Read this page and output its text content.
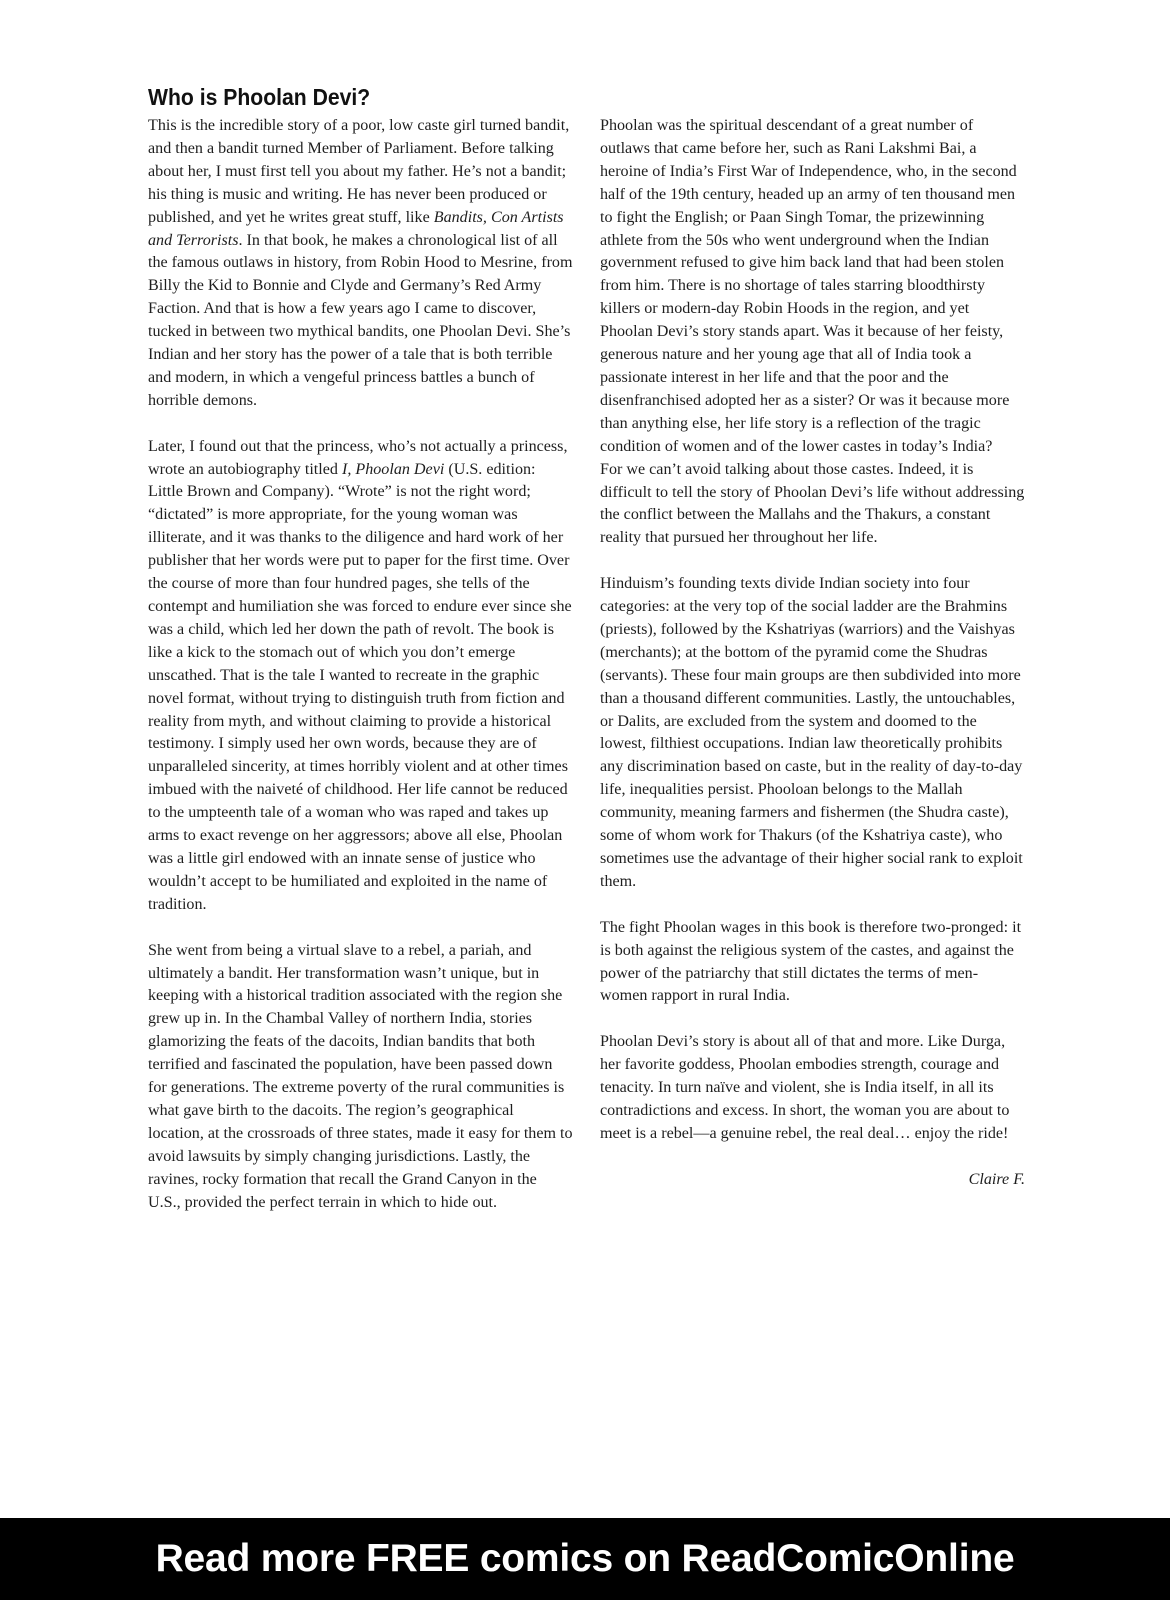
Who is Phoolan Devi?

This is the incredible story of a poor, low caste girl turned bandit, and then a bandit turned Member of Parliament. Before talking about her, I must first tell you about my father. He’s not a bandit; his thing is music and writing. He has never been produced or published, and yet he writes great stuff, like Bandits, Con Artists and Terrorists. In that book, he makes a chronological list of all the famous outlaws in history, from Robin Hood to Mesrine, from Billy the Kid to Bonnie and Clyde and Germany’s Red Army Faction. And that is how a few years ago I came to discover, tucked in between two mythical bandits, one Phoolan Devi. She’s Indian and her story has the power of a tale that is both terrible and modern, in which a vengeful princess battles a bunch of horrible demons.

Later, I found out that the princess, who’s not actually a princess, wrote an autobiography titled I, Phoolan Devi (U.S. edition: Little Brown and Company). “Wrote” is not the right word; “dictated” is more appropriate, for the young woman was illiterate, and it was thanks to the diligence and hard work of her publisher that her words were put to paper for the first time. Over the course of more than four hundred pages, she tells of the contempt and humiliation she was forced to endure ever since she was a child, which led her down the path of revolt. The book is like a kick to the stomach out of which you don’t emerge unscathed. That is the tale I wanted to recreate in the graphic novel format, without trying to distinguish truth from fiction and reality from myth, and without claiming to provide a historical testimony. I simply used her own words, because they are of unparalleled sincerity, at times horribly violent and at other times imbued with the naiveté of childhood. Her life cannot be reduced to the umpteenth tale of a woman who was raped and takes up arms to exact revenge on her aggressors; above all else, Phoolan was a little girl endowed with an innate sense of justice who wouldn’t accept to be humiliated and exploited in the name of tradition.

She went from being a virtual slave to a rebel, a pariah, and ultimately a bandit. Her transformation wasn’t unique, but in keeping with a historical tradition associated with the region she grew up in. In the Chambal Valley of northern India, stories glamorizing the feats of the dacoits, Indian bandits that both terrified and fascinated the population, have been passed down for generations. The extreme poverty of the rural communities is what gave birth to the dacoits. The region’s geographical location, at the crossroads of three states, made it easy for them to avoid lawsuits by simply changing jurisdictions. Lastly, the ravines, rocky formation that recall the Grand Canyon in the U.S., provided the perfect terrain in which to hide out.

Phoolan was the spiritual descendant of a great number of outlaws that came before her, such as Rani Lakshmi Bai, a heroine of India’s First War of Independence, who, in the second half of the 19th century, headed up an army of ten thousand men to fight the English; or Paan Singh Tomar, the prizewinning athlete from the 50s who went underground when the Indian government refused to give him back land that had been stolen from him. There is no shortage of tales starring bloodthirsty killers or modern-day Robin Hoods in the region, and yet Phoolan Devi’s story stands apart. Was it because of her feisty, generous nature and her young age that all of India took a passionate interest in her life and that the poor and the disenfranchised adopted her as a sister? Or was it because more than anything else, her life story is a reflection of the tragic condition of women and of the lower castes in today’s India?

For we can’t avoid talking about those castes. Indeed, it is difficult to tell the story of Phoolan Devi’s life without addressing the conflict between the Mallahs and the Thakurs, a constant reality that pursued her throughout her life.

Hinduism’s founding texts divide Indian society into four categories: at the very top of the social ladder are the Brahmins (priests), followed by the Kshatriyas (warriors) and the Vaishyas (merchants); at the bottom of the pyramid come the Shudras (servants). These four main groups are then subdivided into more than a thousand different communities. Lastly, the untouchables, or Dalits, are excluded from the system and doomed to the lowest, filthiest occupations. Indian law theoretically prohibits any discrimination based on caste, but in the reality of day-to-day life, inequalities persist. Phooloan belongs to the Mallah community, meaning farmers and fishermen (the Shudra caste), some of whom work for Thakurs (of the Kshatriya caste), who sometimes use the advantage of their higher social rank to exploit them.

The fight Phoolan wages in this book is therefore two-pronged: it is both against the religious system of the castes, and against the power of the patriarchy that still dictates the terms of men-women rapport in rural India.

Phoolan Devi’s story is about all of that and more. Like Durga, her favorite goddess, Phoolan embodies strength, courage and tenacity. In turn naïve and violent, she is India itself, in all its contradictions and excess. In short, the woman you are about to meet is a rebel—a genuine rebel, the real deal… enjoy the ride!

Claire F.

Read more FREE comics on ReadComicOnline
